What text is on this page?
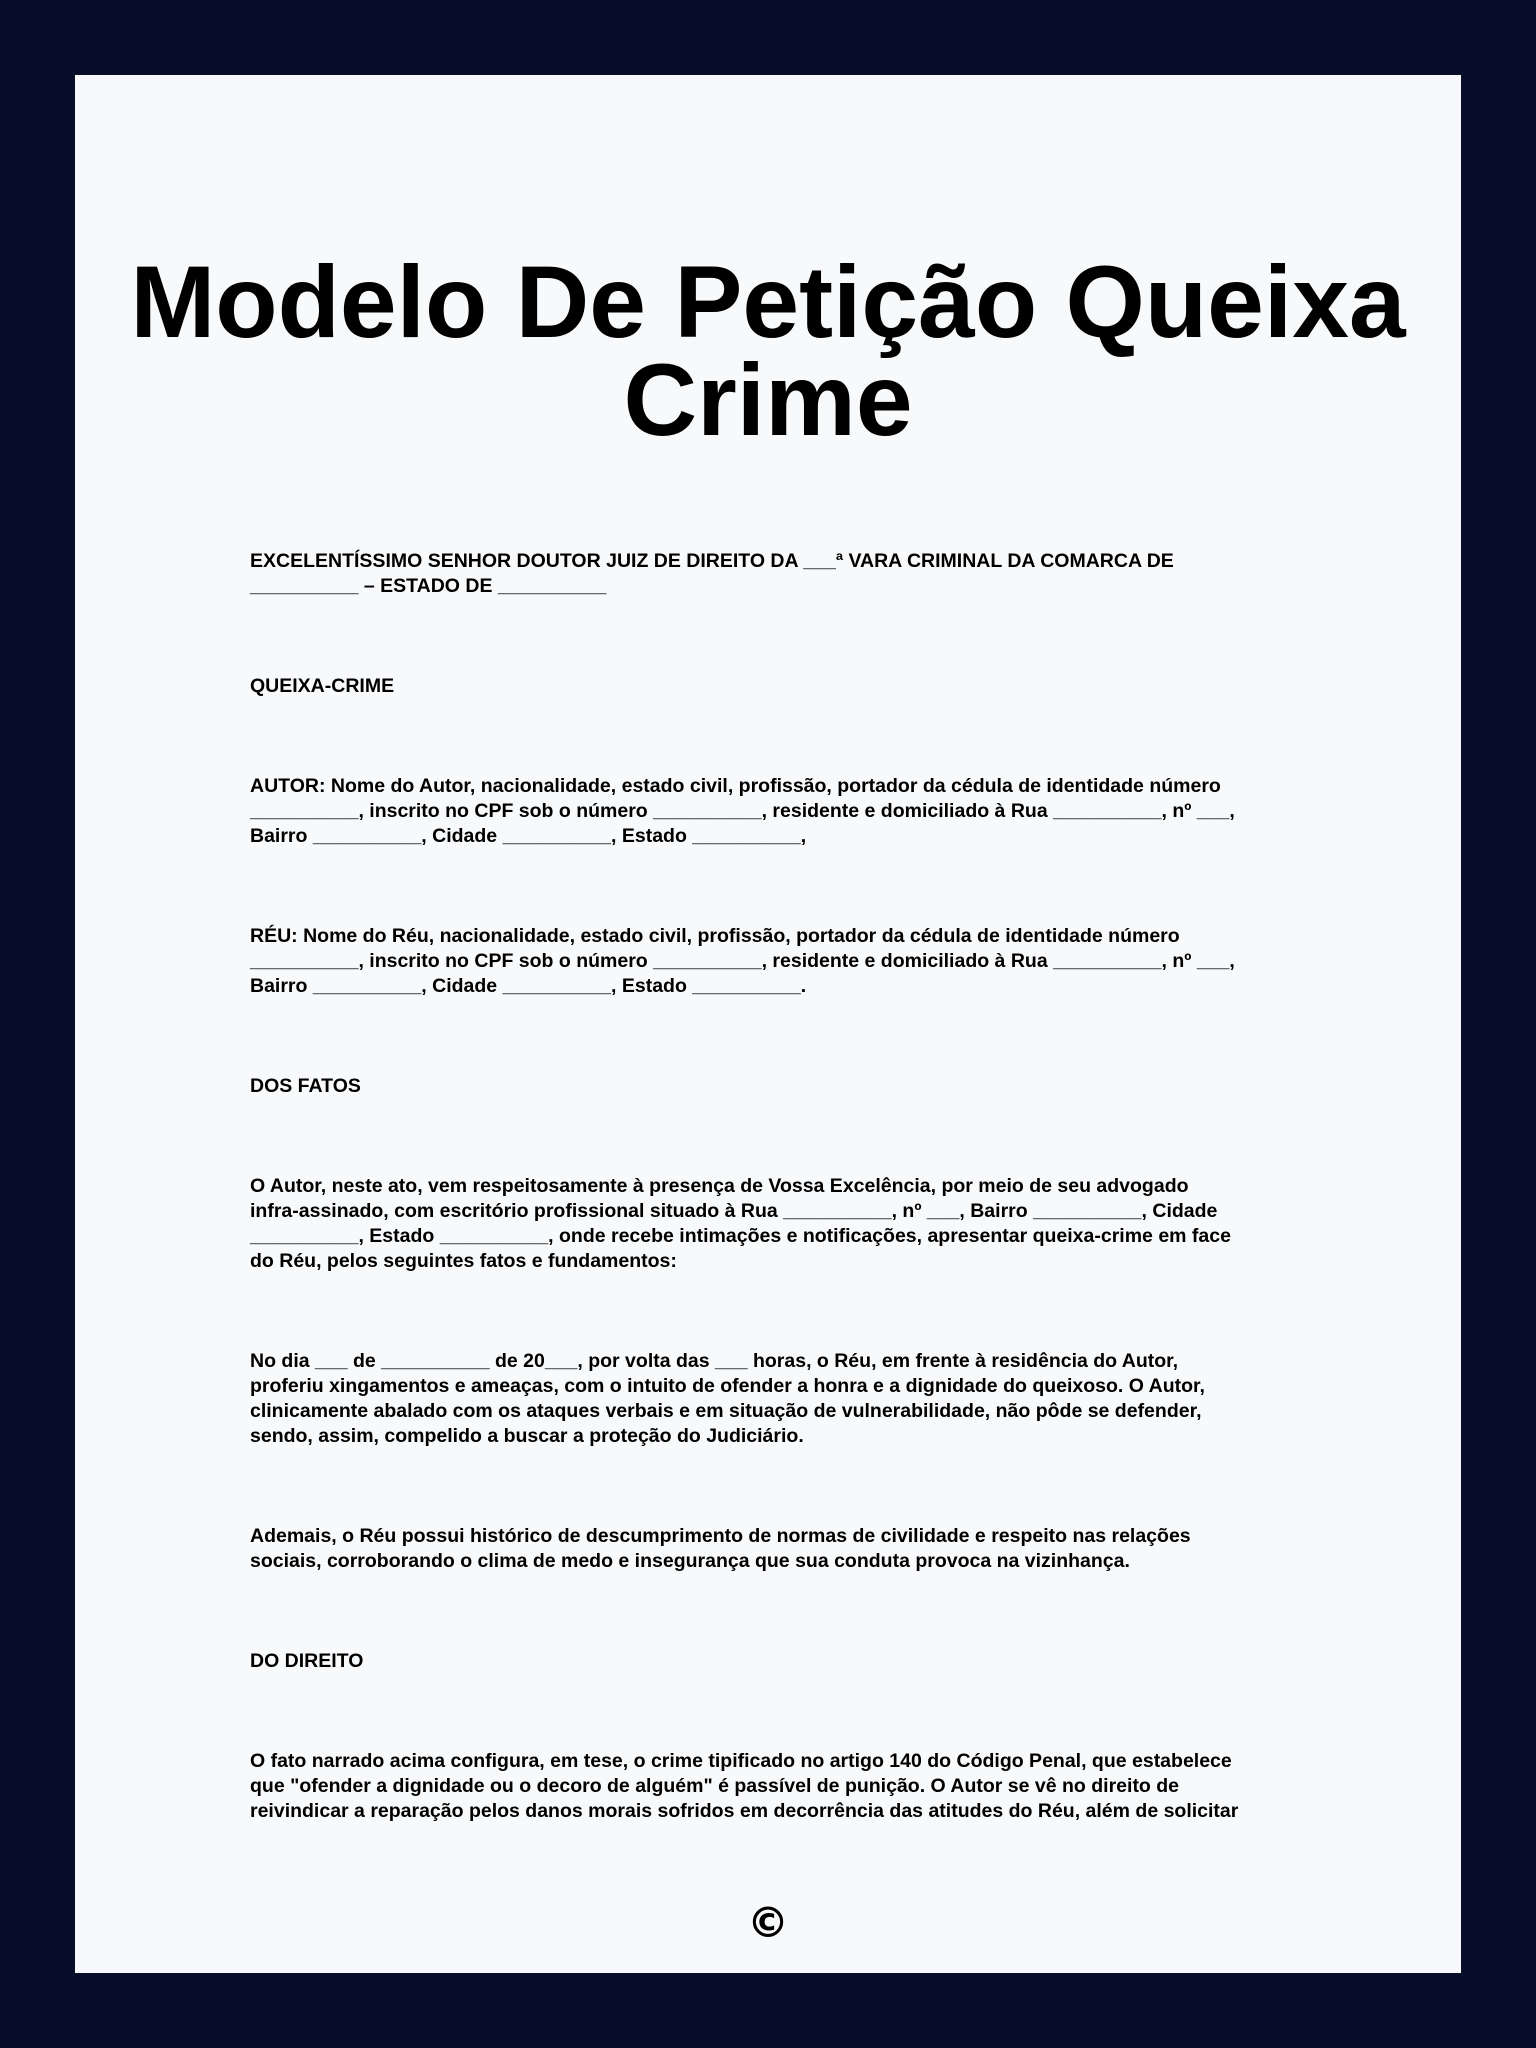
Modelo De Petição Queixa
Crime

EXCELENTÍSSIMO SENHOR DOUTOR JUIZ DE DIREITO DA ___ª VARA CRIMINAL DA COMARCA DE
__________ – ESTADO DE __________

QUEIXA-CRIME

AUTOR: Nome do Autor, nacionalidade, estado civil, profissão, portador da cédula de identidade número
__________, inscrito no CPF sob o número __________, residente e domiciliado à Rua __________, nº ___,
Bairro __________, Cidade __________, Estado __________,

RÉU: Nome do Réu, nacionalidade, estado civil, profissão, portador da cédula de identidade número
__________, inscrito no CPF sob o número __________, residente e domiciliado à Rua __________, nº ___,
Bairro __________, Cidade __________, Estado __________.

DOS FATOS

O Autor, neste ato, vem respeitosamente à presença de Vossa Excelência, por meio de seu advogado
infra-assinado, com escritório profissional situado à Rua __________, nº ___, Bairro __________, Cidade
__________, Estado __________, onde recebe intimações e notificações, apresentar queixa-crime em face
do Réu, pelos seguintes fatos e fundamentos:

No dia ___ de __________ de 20___, por volta das ___ horas, o Réu, em frente à residência do Autor,
proferiu xingamentos e ameaças, com o intuito de ofender a honra e a dignidade do queixoso. O Autor,
clinicamente abalado com os ataques verbais e em situação de vulnerabilidade, não pôde se defender,
sendo, assim, compelido a buscar a proteção do Judiciário.

Ademais, o Réu possui histórico de descumprimento de normas de civilidade e respeito nas relações
sociais, corroborando o clima de medo e insegurança que sua conduta provoca na vizinhança.

DO DIREITO

O fato narrado acima configura, em tese, o crime tipificado no artigo 140 do Código Penal, que estabelece
que "ofender a dignidade ou o decoro de alguém" é passível de punição. O Autor se vê no direito de
reivindicar a reparação pelos danos morais sofridos em decorrência das atitudes do Réu, além de solicitar

©
